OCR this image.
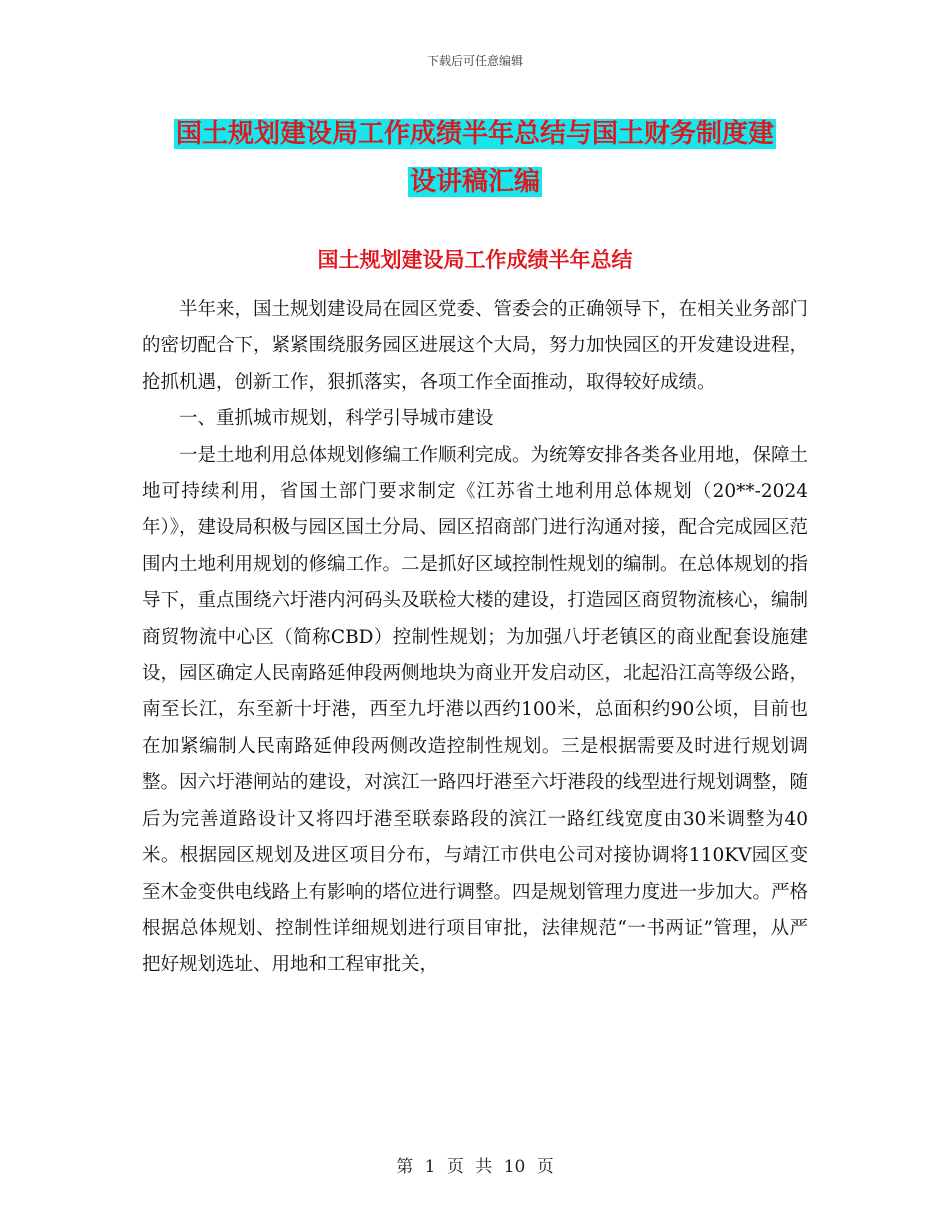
下载后可任意编辑
国土规划建设局工作成绩半年总结与国土财务制度建
设讲稿汇编
国土规划建设局工作成绩半年总结

半年来，国土规划建设局在园区党委、管委会的正确领导下，在相关业务部门的密切配合下，紧紧围绕服务园区进展这个大局，努力加快园区的开发建设进程，抢抓机遇，创新工作，狠抓落实，各项工作全面推动，取得较好成绩。

一、重抓城市规划，科学引导城市建设

一是土地利用总体规划修编工作顺利完成。为统筹安排各类各业用地，保障土地可持续利用，省国土部门要求制定《江苏省土地利用总体规划（20**-2024年）》，建设局积极与园区国土分局、园区招商部门进行沟通对接，配合完成园区范围内土地利用规划的修编工作。二是抓好区域控制性规划的编制。在总体规划的指导下，重点围绕六圩港内河码头及联检大楼的建设，打造园区商贸物流核心，编制商贸物流中心区（简称CBD）控制性规划；为加强八圩老镇区的商业配套设施建设，园区确定人民南路延伸段两侧地块为商业开发启动区，北起沿江高等级公路，南至长江，东至新十圩港，西至九圩港以西约100米，总面积约90公顷，目前也在加紧编制人民南路延伸段两侧改造控制性规划。三是根据需要及时进行规划调整。因六圩港闸站的建设，对滨江一路四圩港至六圩港段的线型进行规划调整，随后为完善道路设计又将四圩港至联泰路段的滨江一路红线宽度由30米调整为40米。根据园区规划及进区项目分布，与靖江市供电公司对接协调将110KV园区变至木金变供电线路上有影响的塔位进行调整。四是规划管理力度进一步加大。严格根据总体规划、控制性详细规划进行项目审批，法律规范“一书两证”管理，从严把好规划选址、用地和工程审批关，

第 1 页 共 10 页
